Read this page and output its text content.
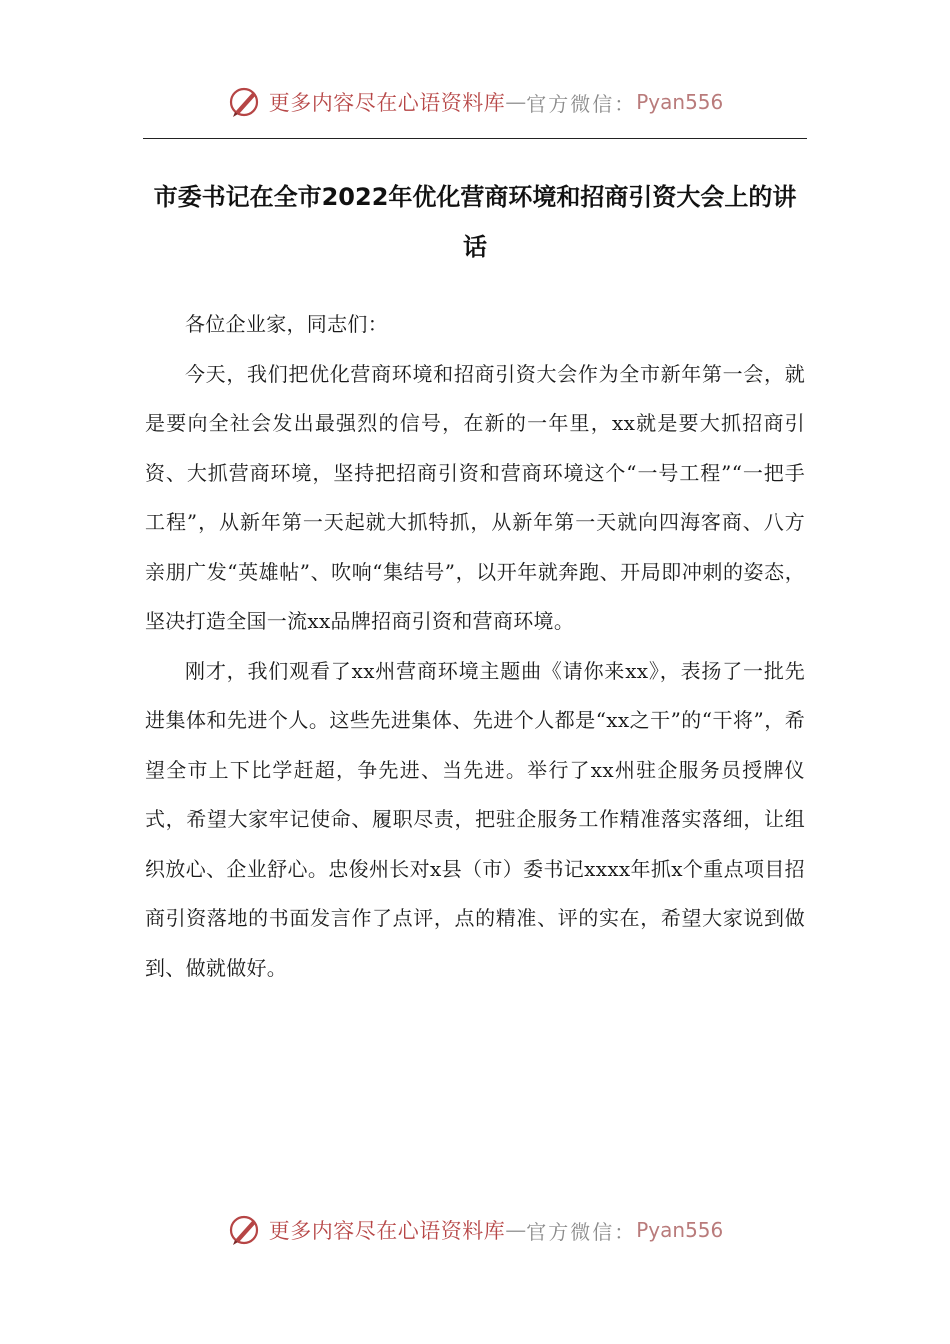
更多内容尽在心语资料库 — 官方微信： Pyan556
市委书记在全市2022年优化营商环境和招商引资大会上的讲话

各位企业家，同志们：

今天，我们把优化营商环境和招商引资大会作为全市新年第一会，就是要向全社会发出最强烈的信号，在新的一年里，xx就是要大抓招商引资、大抓营商环境，坚持把招商引资和营商环境这个“一号工程”“一把手工程”，从新年第一天起就大抓特抓，从新年第一天就向四海客商、八方亲朋广发“英雄帖”、吹响“集结号”，以开年就奔跑、开局即冲刺的姿态，坚决打造全国一流xx品牌招商引资和营商环境。

刚才，我们观看了xx州营商环境主题曲《请你来xx》，表扬了一批先进集体和先进个人。这些先进集体、先进个人都是“xx之干”的“干将”，希望全市上下比学赶超，争先进、当先进。举行了xx州驻企服务员授牌仪式，希望大家牢记使命、履职尽责，把驻企服务工作精准落实落细，让组织放心、企业舒心。忠俊州长对x县（市）委书记xxxx年抓x个重点项目招商引资落地的书面发言作了点评，点的精准、评的实在，希望大家说到做到、做就做好。

更多内容尽在心语资料库 — 官方微信： Pyan556
